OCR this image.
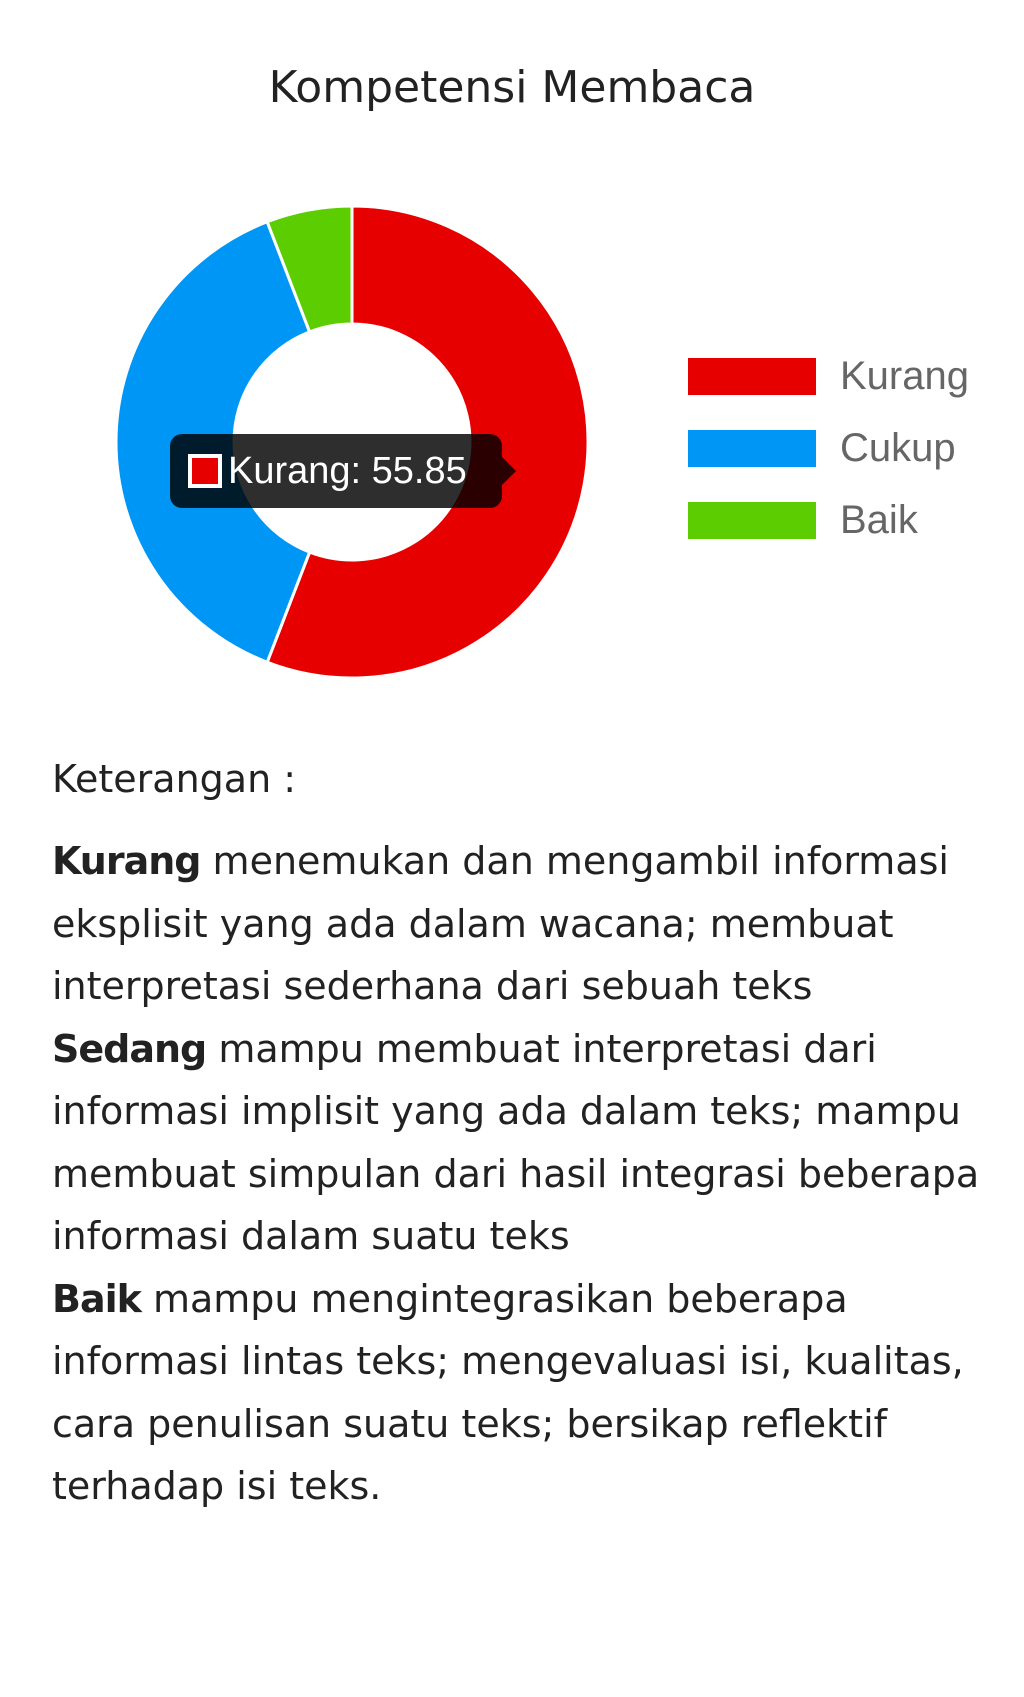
Kompetensi Membaca
Kurang
Cukup
Baik
Kurang: 55.85
Keterangan :
Kurang menemukan dan mengambil informasi eksplisit yang ada dalam wacana; membuat interpretasi sederhana dari sebuah teks
Sedang mampu membuat interpretasi dari informasi implisit yang ada dalam teks; mampu membuat simpulan dari hasil integrasi beberapa informasi dalam suatu teks
Baik mampu mengintegrasikan beberapa informasi lintas teks; mengevaluasi isi, kualitas, cara penulisan suatu teks; bersikap reflektif terhadap isi teks.
